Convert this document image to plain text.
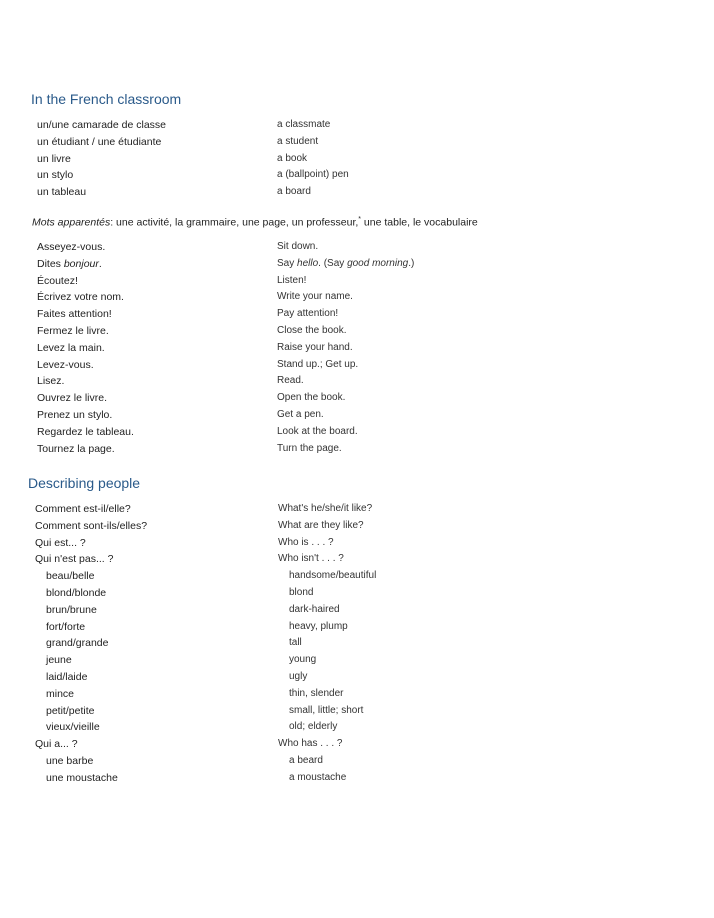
In the French classroom
un/une camarade de classe	a classmate
un étudiant / une étudiante	a student
un livre	a book
un stylo	a (ballpoint) pen
un tableau	a board
Mots apparentés: une activité, la grammaire, une page, un professeur,* une table, le vocabulaire
Asseyez-vous.	Sit down.
Dites bonjour.	Say hello. (Say good morning.)
Écoutez!	Listen!
Écrivez votre nom.	Write your name.
Faites attention!	Pay attention!
Fermez le livre.	Close the book.
Levez la main.	Raise your hand.
Levez-vous.	Stand up.; Get up.
Lisez.	Read.
Ouvrez le livre.	Open the book.
Prenez un stylo.	Get a pen.
Regardez le tableau.	Look at the board.
Tournez la page.	Turn the page.
Describing people
Comment est-il/elle?	What's he/she/it like?
Comment sont-ils/elles?	What are they like?
Qui est... ?	Who is . . . ?
Qui n'est pas... ?	Who isn't . . . ?
beau/belle	handsome/beautiful
blond/blonde	blond
brun/brune	dark-haired
fort/forte	heavy, plump
grand/grande	tall
jeune	young
laid/laide	ugly
mince	thin, slender
petit/petite	small, little; short
vieux/vieille	old; elderly
Qui a... ?	Who has . . . ?
une barbe	a beard
une moustache	a moustache
